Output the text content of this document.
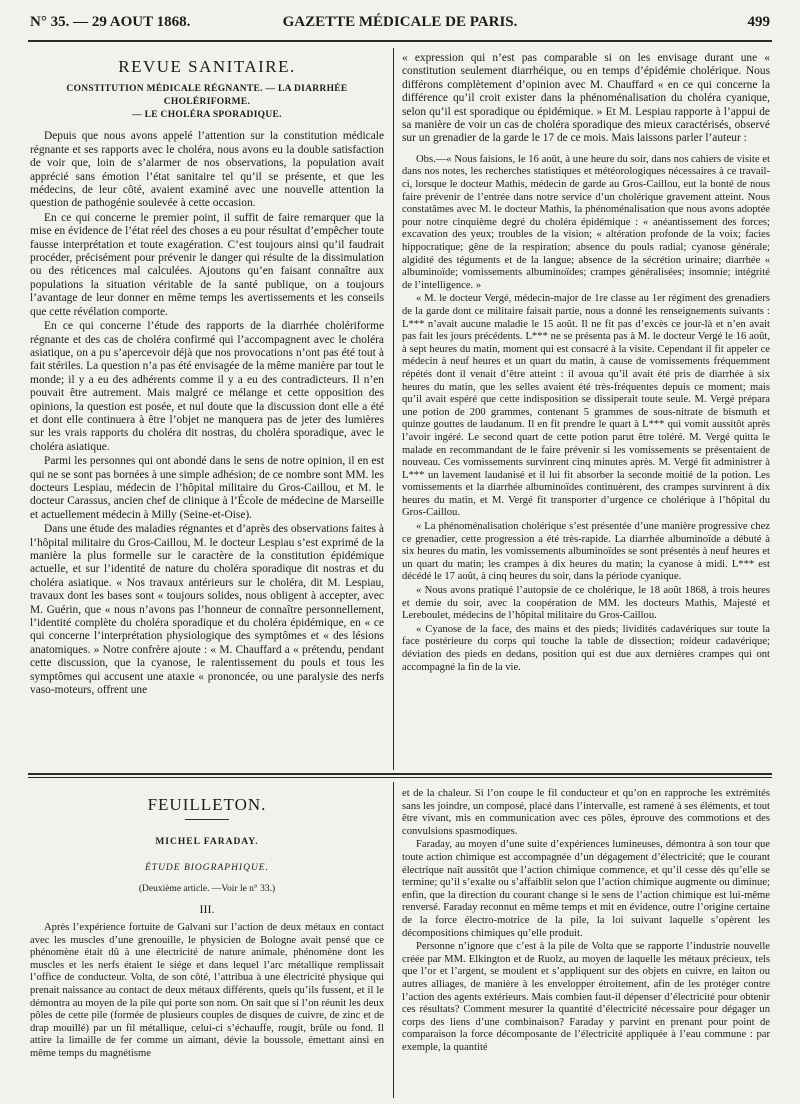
N° 35. — 29 AOUT 1868.	GAZETTE MÉDICALE DE PARIS.	499
REVUE SANITAIRE.
CONSTITUTION MÉDICALE RÉGNANTE. — LA DIARRHÉE CHOLÉRIFORME.
— LE CHOLÉRA SPORADIQUE.

Depuis que nous avons appelé l’attention sur la constitution médicale régnante et ses rapports avec le choléra, nous avons eu la double satisfaction de voir que, loin de s’alarmer de nos observations, la population avait apprécié sans émotion l’état sanitaire tel qu’il se présente, et que les médecins, de leur côté, avaient examiné avec une nouvelle attention la question de pathogénie soulevée à cette occasion.

En ce qui concerne le premier point, il suffit de faire remarquer que la mise en évidence de l’état réel des choses a eu pour résultat d’empêcher toute fausse interprétation et toute exagération. C’est toujours ainsi qu’il faudrait procéder, précisément pour prévenir le danger qui résulte de la dissimulation ou des réticences mal calculées. Ajoutons qu’en faisant connaître aux populations la situation véritable de la santé publique, on a toujours l’avantage de leur donner en même temps les avertissements et les conseils que cette révélation comporte.

En ce qui concerne l’étude des rapports de la diarrhée cholériforme régnante et des cas de choléra confirmé qui l’accompagnent avec le choléra asiatique, on a pu s’apercevoir déjà que nos provocations n’ont pas été tout à fait stériles. La question n’a pas été envisagée de la même manière par tout le monde; il y a eu des adhérents comme il y a eu des contradicteurs. Il n’en pouvait être autrement. Mais malgré ce mélange et cette opposition des opinions, la question est posée, et nul doute que la discussion dont elle a été et dont elle continuera à être l’objet ne manquera pas de jeter des lumières sur les vrais rapports du choléra dit nostras, du choléra sporadique, avec le choléra asiatique.

Parmi les personnes qui ont abondé dans le sens de notre opinion, il en est qui ne se sont pas bornées à une simple adhésion; de ce nombre sont MM. les docteurs Lespiau, médecin de l’hôpital militaire du Gros-Caillou, et M. le docteur Carassus, ancien chef de clinique à l’École de médecine de Marseille et actuellement médecin à Milly (Seine-et-Oise).

Dans une étude des maladies régnantes et d’après des observations faites à l’hôpital militaire du Gros-Caillou, M. le docteur Lespiau s’est exprimé de la manière la plus formelle sur le caractère de la constitution épidémique actuelle, et sur l’identité de nature du choléra sporadique dit nostras et du choléra asiatique. « Nos travaux antérieurs sur le choléra, dit M. Lespiau, travaux dont les bases sont « toujours solides, nous obligent à accepter, avec M. Guérin, que « nous n’avons pas l’honneur de connaître personnellement, l’identité complète du choléra sporadique et du choléra épidémique, en « ce qui concerne l’interprétation physiologique des symptômes et « des lésions anatomiques. » Notre confrère ajoute : « M. Chauffard a « prétendu, pendant cette discussion, que la cyanose, le ralentissement du pouls et tous les symptômes qui accusent une ataxie « prononcée, ou une paralysie des nerfs vaso-moteurs, offrent une

« expression qui n’est pas comparable si on les envisage durant une « constitution seulement diarrhéique, ou en temps d’épidémie cholérique. Nous différons complètement d’opinion avec M. Chauffard « en ce qui concerne la différence qu’il croit exister dans la phénoménalisation du choléra cyanique, selon qu’il est sporadique ou épidémique. » Et M. Lespiau rapporte à l’appui de sa manière de voir un cas de choléra sporadique des mieux caractérisés, observé sur un grenadier de la garde le 17 de ce mois. Mais laissons parler l’auteur :

Obs.—« Nous faisions, le 16 août, à une heure du soir, dans nos cahiers de visite et dans nos notes, les recherches statistiques et météorologiques nécessaires à ce travail-ci, lorsque le docteur Mathis, médecin de garde au Gros-Caillou, eut la bonté de nous faire prévenir de l’entrée dans notre service d’un cholérique gravement atteint. Nous constatâmes avec M. le docteur Mathis, la phénoménalisation que nous avons adoptée pour notre cinquième degré du choléra épidémique : « anéantissement des forces; excavation des yeux; troubles de la vision; « altération profonde de la voix; facies hippocratique; gêne de la respiration; absence du pouls radial; cyanose générale; algidité des téguments et de la langue; absence de la sécrétion urinaire; diarrhée « albuminoïde; vomissements albuminoïdes; crampes généralisées; insomnie; intégrité de l’intelligence. »

« M. le docteur Vergé, médecin-major de 1re classe au 1er régiment des grenadiers de la garde dont ce militaire faisait partie, nous a donné les renseignements suivants : L*** n’avait aucune maladie le 15 août. Il ne fit pas d’excès ce jour-là et n’en avait pas fait les jours précédents. L*** ne se présenta pas à M. le docteur Vergé le 16 août, à sept heures du matin, moment qui est consacré à la visite. Cependant il fit appeler ce médecin à neuf heures et un quart du matin, à cause de vomissements fréquemment répétés dont il venait d’être atteint : il avoua qu’il avait été pris de diarrhée à six heures du matin, que les selles avaient été très-fréquentes depuis ce moment; mais qu’il avait espéré que cette indisposition se dissiperait toute seule. M. Vergé prépara une potion de 200 grammes, contenant 5 grammes de sous-nitrate de bismuth et quinze gouttes de laudanum. Il en fit prendre le quart à L*** qui vomit aussitôt après l’avoir ingéré. Le second quart de cette potion parut être toléré. M. Vergé quitta le malade en recommandant de le faire prévenir si les vomissements se présentaient de nouveau. Ces vomissements survinrent cinq minutes après. M. Vergé fit administrer à L*** un lavement laudanisé et il lui fit absorber la seconde moitié de la potion. Les vomissements et la diarrhée albuminoïdes continuèrent, des crampes survinrent à dix heures du matin, et M. Vergé fit transporter d’urgence ce cholérique à l’hôpital du Gros-Caillou.

« La phénoménalisation cholérique s’est présentée d’une manière progressive chez ce grenadier, cette progression a été très-rapide. La diarrhée albuminoïde a débuté à six heures du matin, les vomissements albuminoïdes se sont présentés à neuf heures et un quart du matin; les crampes à dix heures du matin; la cyanose à midi. L*** est décédé le 17 août, à cinq heures du soir, dans la période cyanique.

« Nous avons pratiqué l’autopsie de ce cholérique, le 18 août 1868, à trois heures et demie du soir, avec la coopération de MM. les docteurs Mathis, Majesté et Lereboulet, médecins de l’hôpital militaire du Gros-Caillou.

« Cyanose de la face, des mains et des pieds; lividités cadavériques sur toute la face postérieure du corps qui touche la table de dissection; roideur cadavérique; déviation des pieds en dedans, position qui est due aux dernières crampes qui ont accompagné la fin de la vie.

FEUILLETON.
MICHEL FARADAY.
ÉTUDE BIOGRAPHIQUE.
(Deuxième article. —Voir le n° 33.)
III.

Après l’expérience fortuite de Galvani sur l’action de deux métaux en contact avec les muscles d’une grenouille, le physicien de Bologne avait pensé que ce phénomène était dû à une électricité de nature animale, phénomène dont les muscles et les nerfs étaient le siége et dans lequel l’arc métallique remplissait l’office de conducteur. Volta, de son côté, l’attribua à une électricité physique qui prenait naissance au contact de deux métaux différents, quels qu’ils fussent, et il le démontra au moyen de la pile qui porte son nom. On sait que si l’on réunit les deux pôles de cette pile (formée de plusieurs couples de disques de cuivre, de zinc et de drap mouillé) par un fil métallique, celui-ci s’échauffe, rougit, brûle ou fond. Il attire la limaille de fer comme un aimant, dévie la boussole, émettant ainsi en même temps du magnétisme

et de la chaleur. Si l’on coupe le fil conducteur et qu’on en rapproche les extrémités sans les joindre, un composé, placé dans l’intervalle, est ramené à ses éléments, et tout être vivant, mis en communication avec ces pôles, éprouve des commotions et des convulsions spasmodiques.

Faraday, au moyen d’une suite d’expériences lumineuses, démontra à son tour que toute action chimique est accompagnée d’un dégagement d’électricité; que le courant électrique naît aussitôt que l’action chimique commence, et qu’il cesse dès qu’elle se termine; qu’il s’exalte ou s’affaiblit selon que l’action chimique augmente ou diminue; enfin, que la direction du courant change si le sens de l’action chimique est lui-même renversé. Faraday reconnut en même temps et mit en évidence, outre l’origine certaine de la force électro-motrice de la pile, la loi suivant laquelle s’opèrent les décompositions chimiques qu’elle produit.

Personne n’ignore que c’est à la pile de Volta que se rapporte l’industrie nouvelle créée par MM. Elkington et de Ruolz, au moyen de laquelle les métaux précieux, tels que l’or et l’argent, se moulent et s’appliquent sur des objets en cuivre, en laiton ou autres alliages, de manière à les envelopper étroitement, afin de les protéger contre l’action des agents extérieurs. Mais combien faut-il dépenser d’électricité pour obtenir ces résultats? Comment mesurer la quantité d’électricité nécessaire pour dégager un corps des liens d’une combinaison? Faraday y parvint en prenant pour point de comparaison la force décomposante de l’électricité appliquée à l’eau commune : par exemple, la quantité
